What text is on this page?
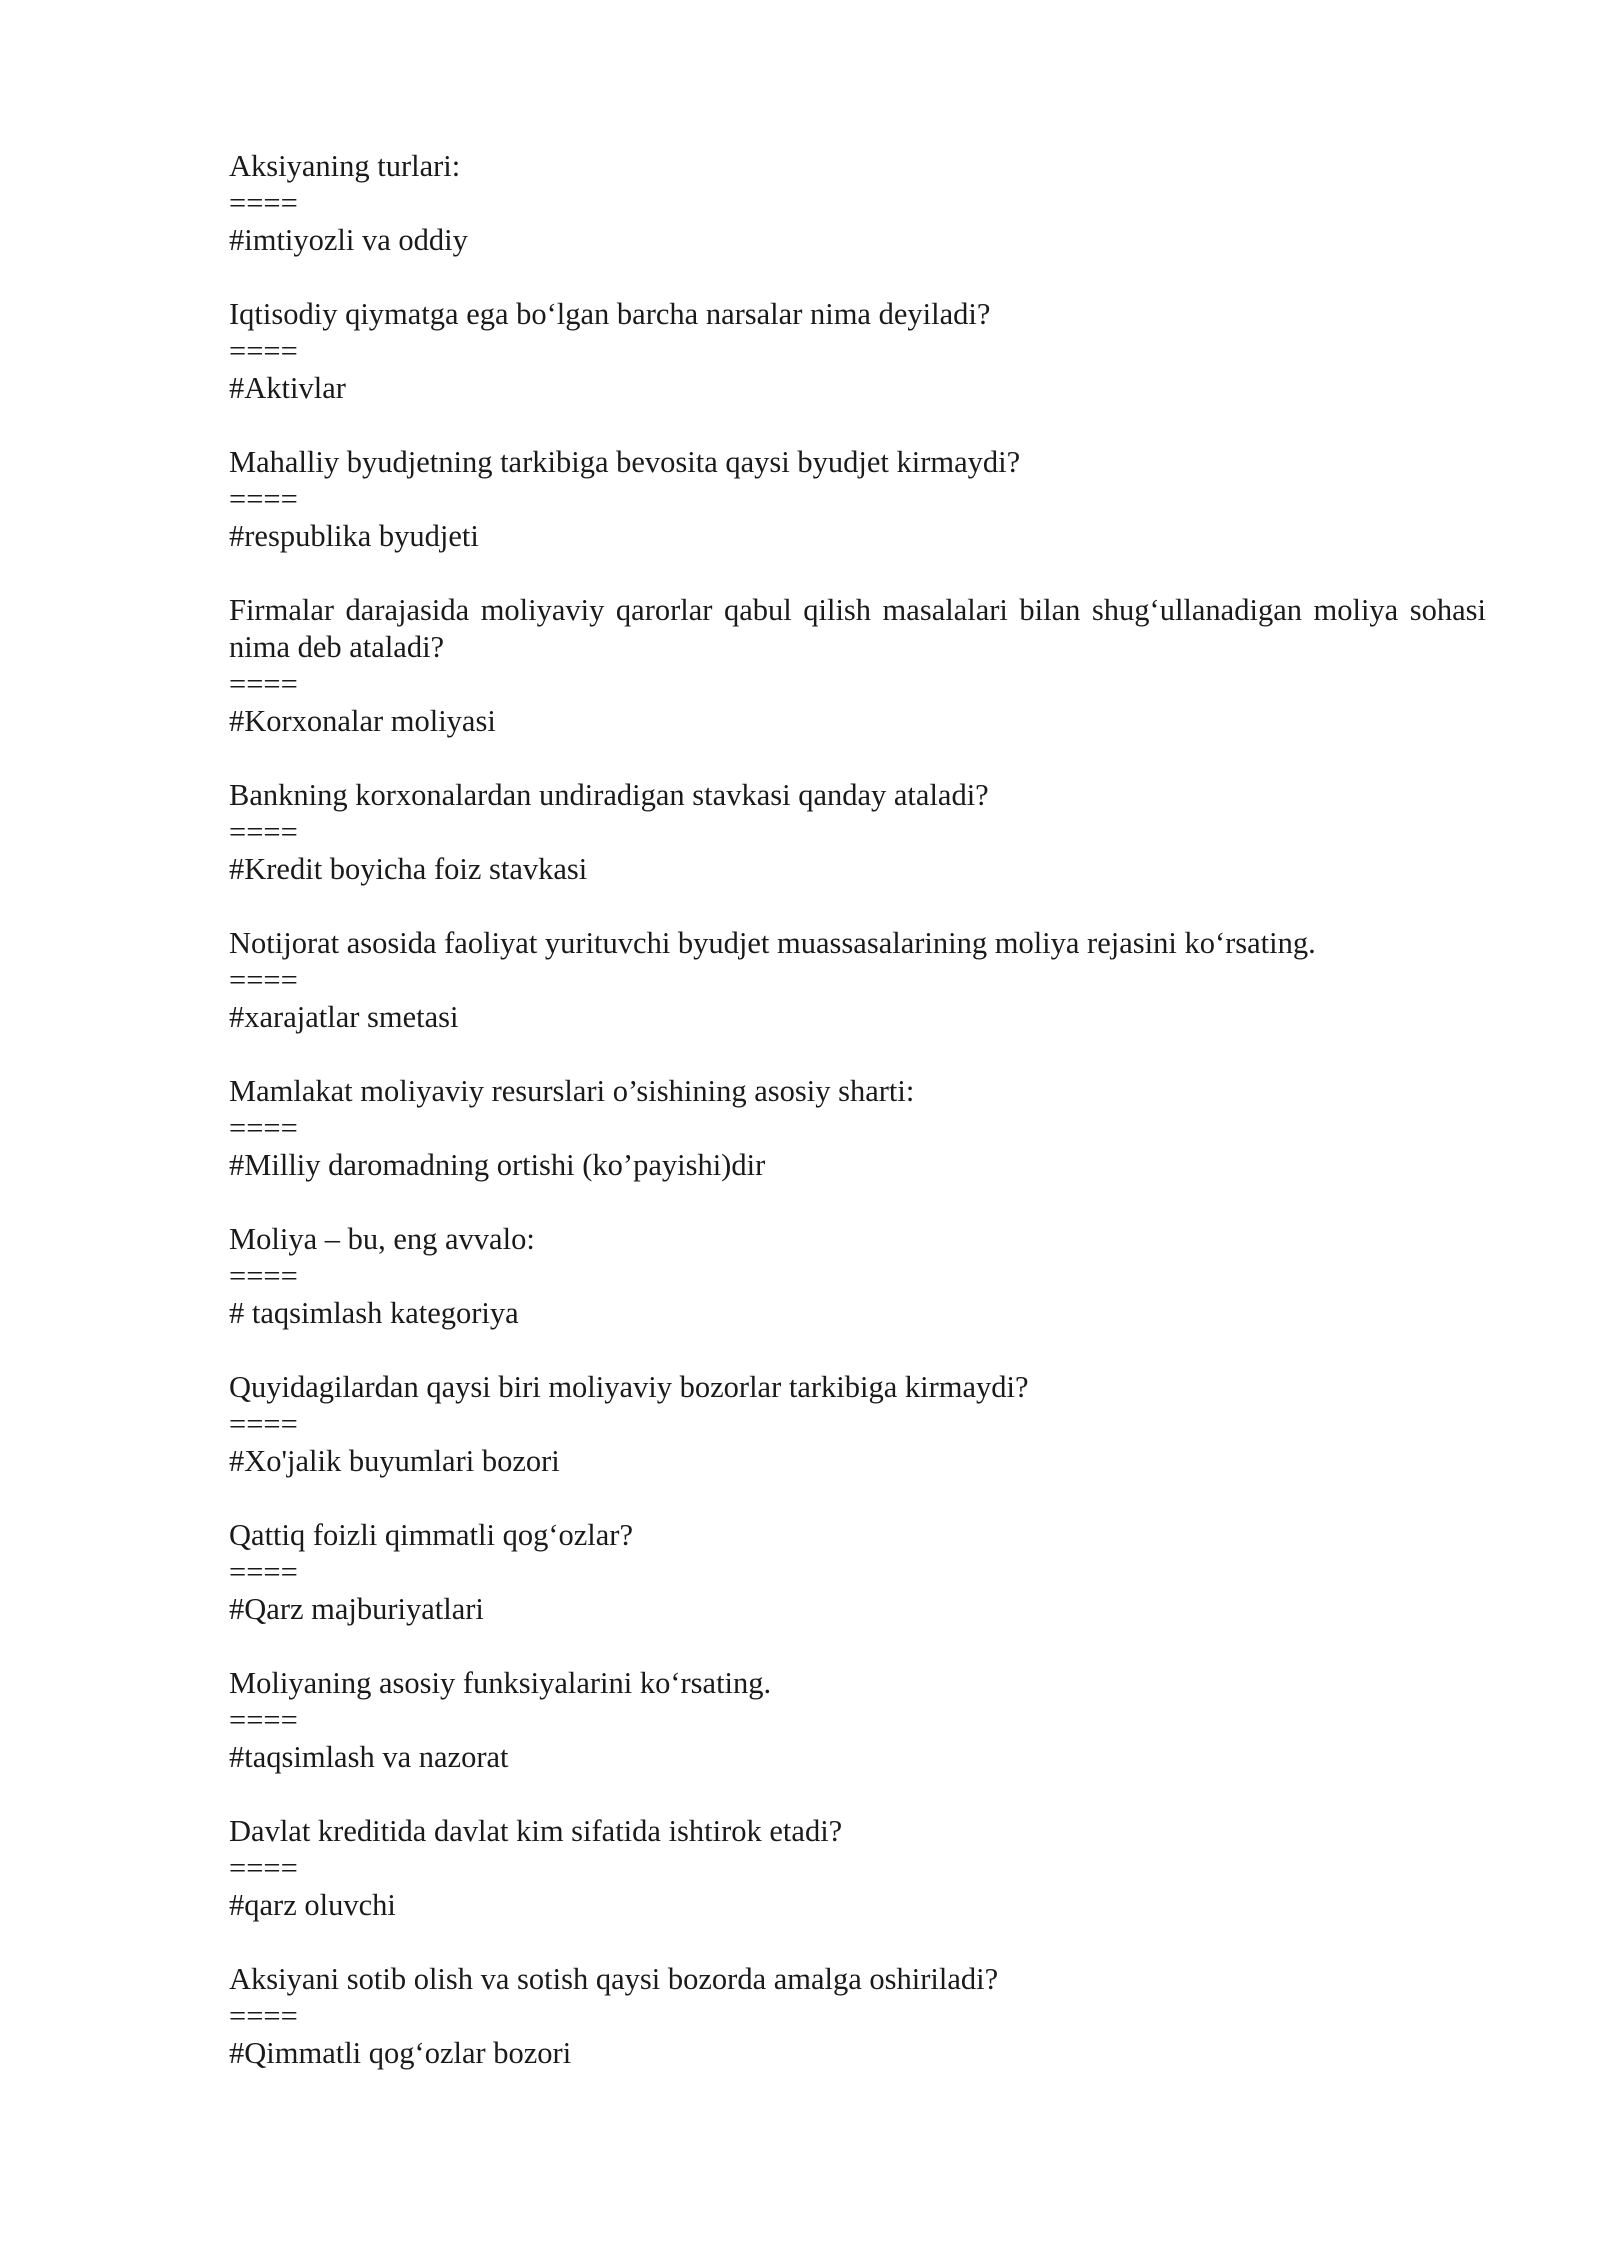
Aksiyaning turlari:

====

#imtiyozli va oddiy

Iqtisodiy qiymatga ega bo‘lgan barcha narsalar nima deyiladi?

====

#Aktivlar

Mahalliy byudjetning tarkibiga bevosita qaysi byudjet kirmaydi?

====

#respublika byudjeti

Firmalar darajasida moliyaviy qarorlar qabul qilish masalalari bilan shug‘ullanadigan moliya sohasi nima deb ataladi?

====

#Korxonalar moliyasi

Bankning korxonalardan undiradigan stavkasi qanday ataladi?

====

#Kredit boyicha foiz stavkasi

Notijorat asosida faoliyat yurituvchi byudjet muassasalarining moliya rejasini ko‘rsating.

====

#xarajatlar smetasi

Mamlakat moliyaviy resurslari o’sishining asosiy sharti:

====

#Milliy daromadning ortishi (ko’payishi)dir

Moliya – bu, eng avvalo:

====

# taqsimlash kategoriya

Quyidagilardan qaysi biri moliyaviy bozorlar tarkibiga kirmaydi?

====

#Xo'jalik buyumlari bozori

Qattiq foizli qimmatli qog‘ozlar?

====

#Qarz majburiyatlari

Moliyaning asosiy funksiyalarini ko‘rsating.

====

#taqsimlash va nazorat

Davlat kreditida davlat kim sifatida ishtirok etadi?

====

#qarz oluvchi

Aksiyani sotib olish va sotish qaysi bozorda amalga oshiriladi?

====

#Qimmatli qog‘ozlar bozori
